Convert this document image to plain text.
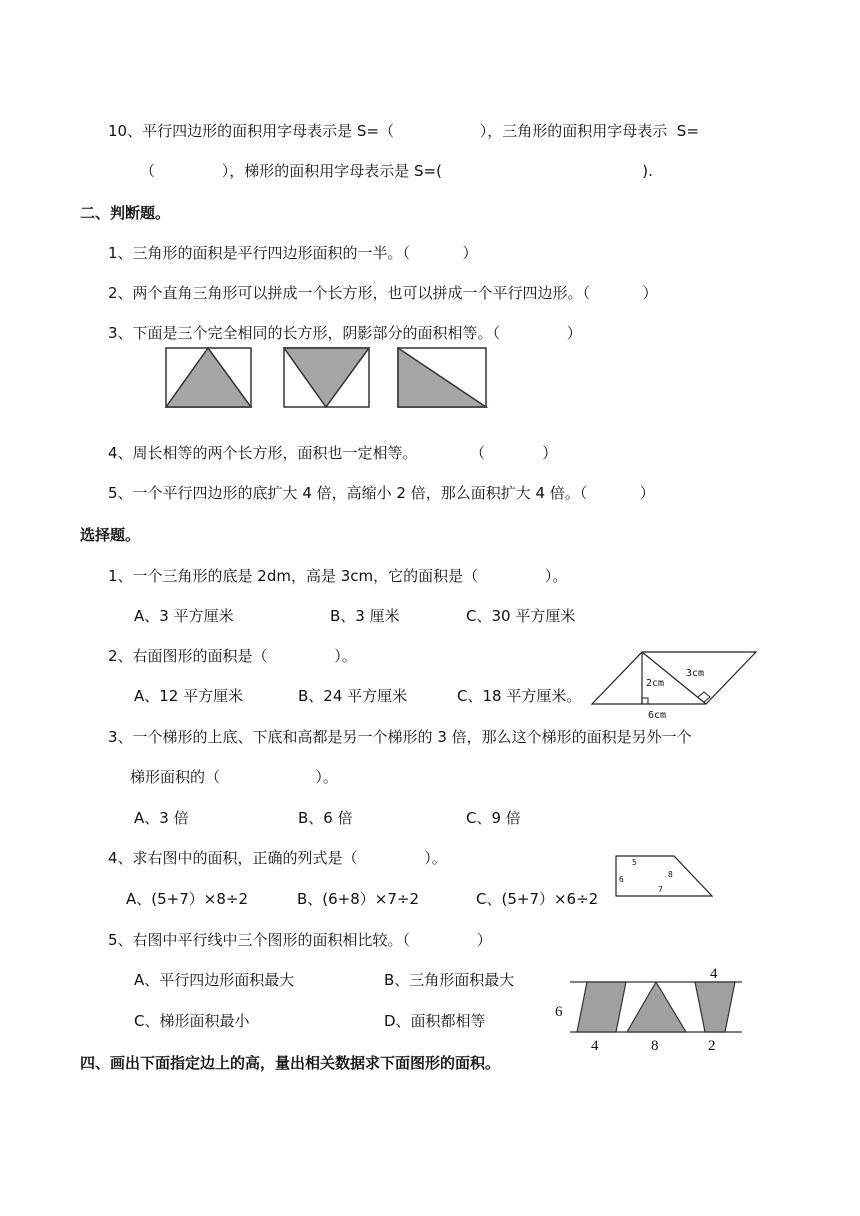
10、平行四边形的面积用字母表示是 S=（                  ），三角形的面积用字母表示  S=
（              ），梯形的面积用字母表示是 S=(                                          ).
二、判断题。
1、三角形的面积是平行四边形面积的一半。（           ）
2、两个直角三角形可以拼成一个长方形，也可以拼成一个平行四边形。（           ）
3、下面是三个完全相同的长方形，阴影部分的面积相等。（              ）
4、周长相等的两个长方形，面积也一定相等。           （            ）
5、一个平行四边形的底扩大 4 倍，高缩小 2 倍，那么面积扩大 4 倍。（           ）
选择题。
1、一个三角形的底是 2dm，高是 3cm，它的面积是（              ）。
A、3 平方厘米	B、3 厘米	C、30 平方厘米
2、右面图形的面积是（              ）。
A、12 平方厘米	B、24 平方厘米	C、18 平方厘米。
2cm
3cm
6cm
3、一个梯形的上底、下底和高都是另一个梯形的 3 倍，那么这个梯形的面积是另外一个
梯形面积的（                    ）。
A、3 倍	B、6 倍	C、9 倍
4、求右图中的面积，正确的列式是（              ）。
A、(5+7）×8÷2	B、(6+8）×7÷2	C、(5+7）×6÷2
5
6
8
7
5、右图中平行线中三个图形的面积相比较。（              ）
A、平行四边形面积最大	B、三角形面积最大
C、梯形面积最小	D、面积都相等	6
4
4	8	2
四、画出下面指定边上的高，量出相关数据求下面图形的面积。
